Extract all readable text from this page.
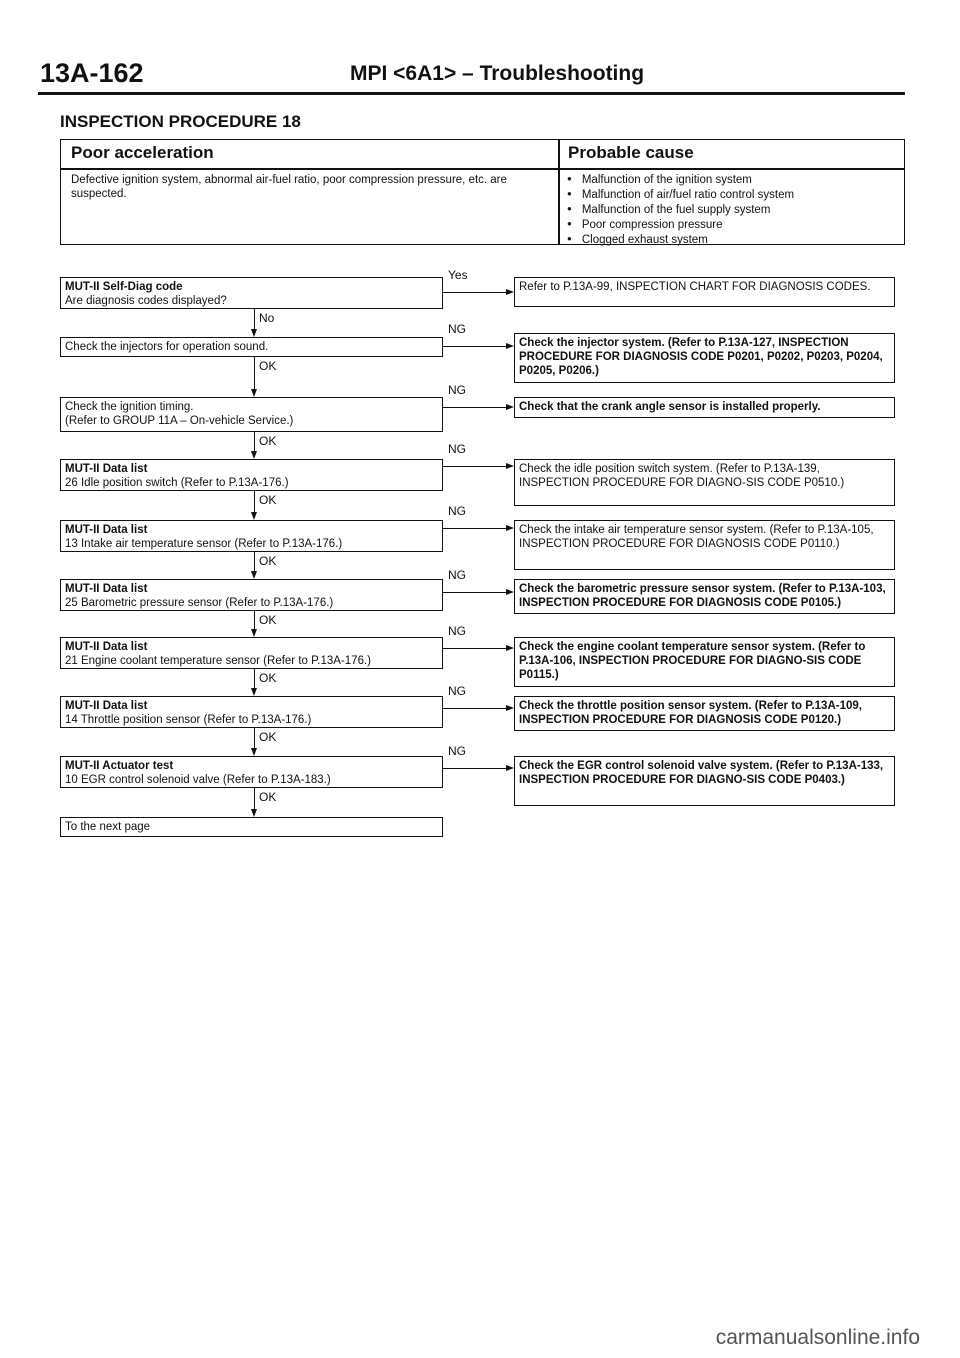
13A-162	MPI <6A1> – Troubleshooting
INSPECTION PROCEDURE 18
Poor acceleration	Probable cause
Defective ignition system, abnormal air-fuel ratio, poor compression pressure, etc. are suspected.
● Malfunction of the ignition system
● Malfunction of air/fuel ratio control system
● Malfunction of the fuel supply system
● Poor compression pressure
● Clogged exhaust system
MUT-II Self-Diag code
Are diagnosis codes displayed?
Refer to P.13A-99, INSPECTION CHART FOR DIAGNOSIS CODES.
Yes
No
Check the injectors for operation sound.	Check the injector system. (Refer to P.13A-127, INSPECTION PROCEDURE FOR DIAGNOSIS CODE P0201, P0202, P0203, P0204, P0205, P0206.)
NG
OK
Check the ignition timing.
(Refer to GROUP 11A – On-vehicle Service.)
Check that the crank angle sensor is installed properly.
NG
OK
MUT-II Data list
26 Idle position switch (Refer to P.13A-176.)
Check the idle position switch system. (Refer to P.13A-139, INSPECTION PROCEDURE FOR DIAGNO-SIS CODE P0510.)
NG
OK
MUT-II Data list
13 Intake air temperature sensor (Refer to P.13A-176.)
Check the intake air temperature sensor system. (Refer to P.13A-105, INSPECTION PROCEDURE FOR DIAGNOSIS CODE P0110.)
NG
OK
MUT-II Data list
25 Barometric pressure sensor (Refer to P.13A-176.)
Check the barometric pressure sensor system. (Refer to P.13A-103, INSPECTION PROCEDURE FOR DIAGNOSIS CODE P0105.)
NG
OK
MUT-II Data list
21 Engine coolant temperature sensor (Refer to P.13A-176.)
Check the engine coolant temperature sensor system. (Refer to P.13A-106, INSPECTION PROCEDURE FOR DIAGNO-SIS CODE P0115.)
NG
OK
MUT-II Data list
14 Throttle position sensor (Refer to P.13A-176.)
Check the throttle position sensor system. (Refer to P.13A-109, INSPECTION PROCEDURE FOR DIAGNOSIS CODE P0120.)
NG
OK
MUT-II Actuator test
10 EGR control solenoid valve (Refer to P.13A-183.)
Check the EGR control solenoid valve system. (Refer to P.13A-133, INSPECTION PROCEDURE FOR DIAGNO-SIS CODE P0403.)
NG
OK
To the next page
carmanualsonline.info
